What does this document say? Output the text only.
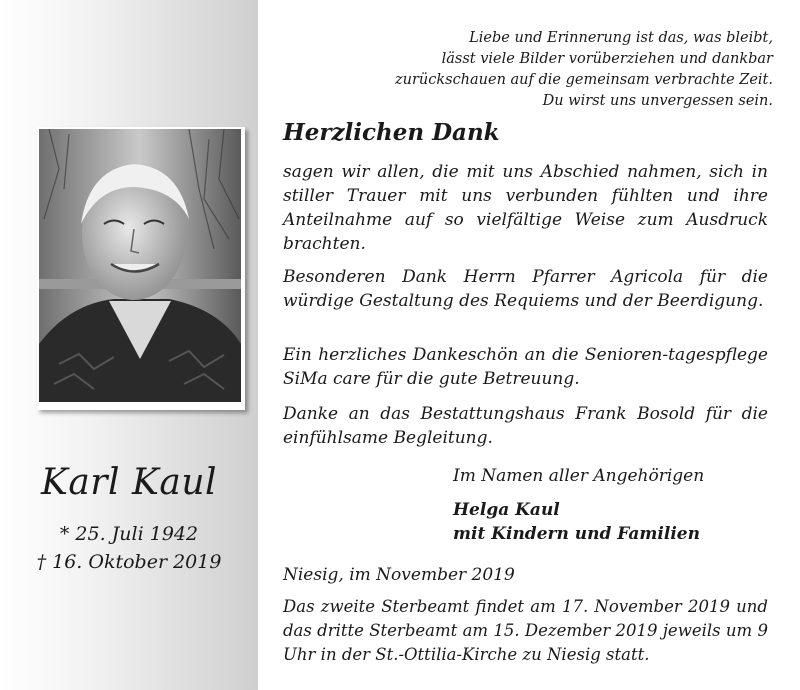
Karl Kaul
* 25. Juli 1942
† 16. Oktober 2019
Liebe und Erinnerung ist das, was bleibt,
lässt viele Bilder vorüberziehen und dankbar
zurückschauen auf die gemeinsam verbrachte Zeit.
Du wirst uns unvergessen sein.
Herzlichen Dank
sagen wir allen, die mit uns Abschied nahmen, sich in stiller Trauer mit uns verbunden fühlten und ihre Anteilnahme auf so vielfältige Weise zum Ausdruck brachten.
Besonderen Dank Herrn Pfarrer Agricola für die würdige Gestaltung des Requiems und der Beerdigung.
Ein herzliches Dankeschön an die Senioren-tagespflege SiMa care für die gute Betreuung.
Danke an das Bestattungshaus Frank Bosold für die einfühlsame Begleitung.
Im Namen aller Angehörigen
Helga Kaul
mit Kindern und Familien
Niesig, im November 2019
Das zweite Sterbeamt findet am 17. November 2019 und das dritte Sterbeamt am 15. Dezember 2019 jeweils um 9 Uhr in der St.-Ottilia-Kirche zu Niesig statt.
